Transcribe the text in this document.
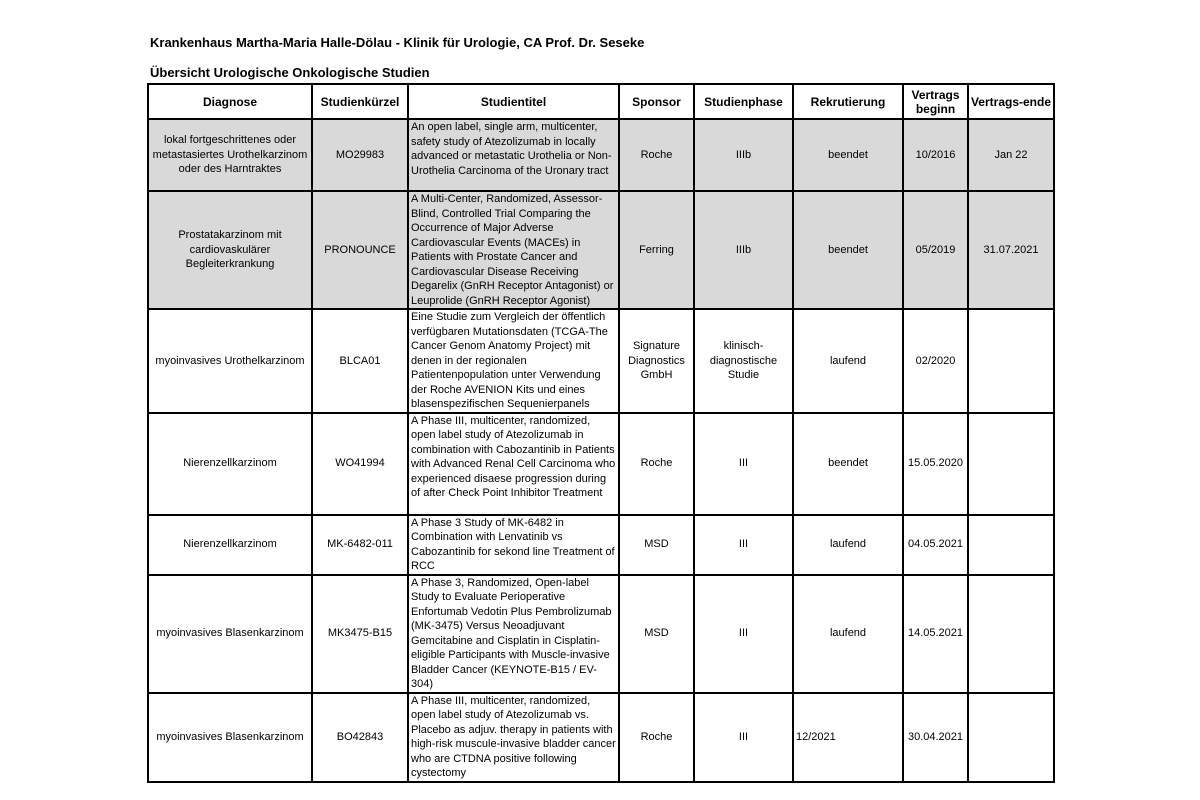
Krankenhaus Martha-Maria Halle-Dölau - Klinik für Urologie, CA Prof. Dr. Seseke
Übersicht Urologische Onkologische Studien
Diagnose	Studienkürzel	Studientitel	Sponsor	Studienphase	Rekrutierung	Vertrags beginn	Vertrags-ende
lokal fortgeschrittenes oder metastasiertes Urothelkarzinom oder des Harntraktes	MO29983	An open label, single arm, multicenter, safety study of Atezolizumab in locally advanced or metastatic Urothelia or Non-Urothelia Carcinoma of the Uronary tract	Roche	IIIb	beendet	10/2016	Jan 22
Prostatakarzinom mit cardiovaskulärer Begleiterkrankung	PRONOUNCE	A Multi-Center, Randomized, Assessor-Blind, Controlled Trial Comparing the Occurrence of Major Adverse Cardiovascular Events (MACEs) in Patients with Prostate Cancer and Cardiovascular Disease Receiving Degarelix (GnRH Receptor Antagonist) or Leuprolide (GnRH Receptor Agonist)	Ferring	IIIb	beendet	05/2019	31.07.2021
myoinvasives Urothelkarzinom	BLCA01	Eine Studie zum Vergleich der öffentlich verfügbaren Mutationsdaten (TCGA-The Cancer Genom Anatomy Project) mit denen in der regionalen Patientenpopulation unter Verwendung der Roche AVENION Kits und eines blasenspezifischen Sequenierpanels	Signature Diagnostics GmbH	klinisch-diagnostische Studie	laufend	02/2020	
Nierenzellkarzinom	WO41994	A Phase III, multicenter, randomized, open label study of Atezolizumab in combination with Cabozantinib in Patients with Advanced Renal Cell Carcinoma who experienced disaese progression during of after Check Point Inhibitor Treatment	Roche	III	beendet	15.05.2020	
Nierenzellkarzinom	MK-6482-011	A Phase 3 Study of MK-6482 in Combination with Lenvatinib vs Cabozantinib for sekond line Treatment of RCC	MSD	III	laufend	04.05.2021	
myoinvasives Blasenkarzinom	MK3475-B15	A Phase 3, Randomized, Open-label Study to Evaluate Perioperative Enfortumab Vedotin Plus Pembrolizumab (MK-3475) Versus Neoadjuvant Gemcitabine and Cisplatin in Cisplatin-eligible Participants with Muscle-invasive Bladder Cancer (KEYNOTE-B15 / EV-304)	MSD	III	laufend	14.05.2021	
myoinvasives Blasenkarzinom	BO42843	A Phase III, multicenter, randomized, open label study of Atezolizumab vs. Placebo as adjuv. therapy in patients with high-risk muscule-invasive bladder cancer who are CTDNA positive following cystectomy	Roche	III	12/2021	30.04.2021	
